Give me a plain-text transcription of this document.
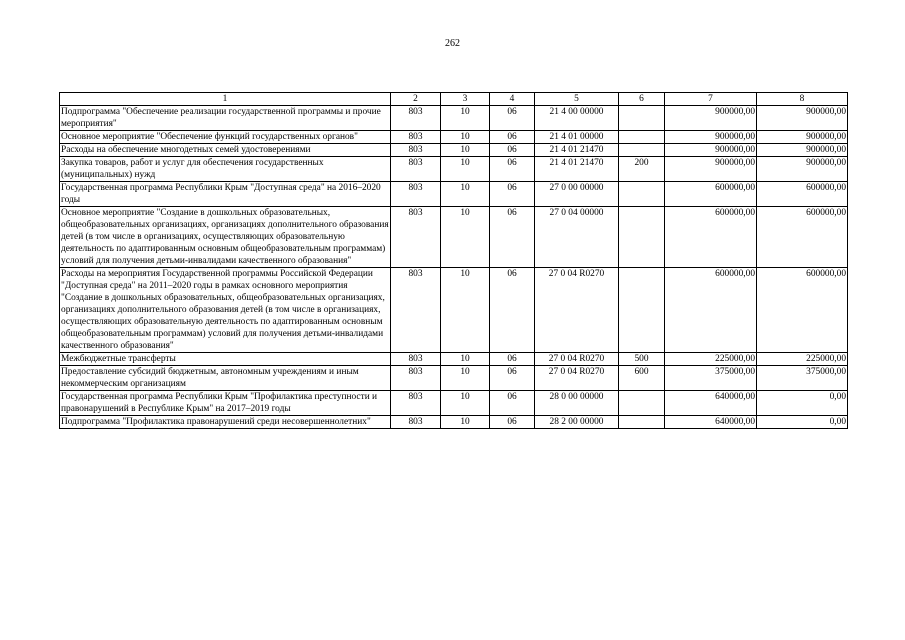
262
1	2	3	4	5	6	7	8
Подпрограмма "Обеспечение реализации государственной программы и прочие мероприятия"	803	10	06	21 4 00 00000		900000,00	900000,00
Основное мероприятие "Обеспечение функций государственных органов"	803	10	06	21 4 01 00000		900000,00	900000,00
Расходы на обеспечение многодетных семей удостоверениями	803	10	06	21 4 01 21470		900000,00	900000,00
Закупка товаров, работ и услуг для обеспечения государственных (муниципальных) нужд	803	10	06	21 4 01 21470	200	900000,00	900000,00
Государственная программа Республики Крым "Доступная среда" на 2016–2020 годы	803	10	06	27 0 00 00000		600000,00	600000,00
Основное мероприятие "Создание в дошкольных образовательных, общеобразовательных организациях, организациях дополнительного образования детей (в том числе в организациях, осуществляющих образовательную деятельность по адаптированным основным общеобразовательным программам) условий для получения детьми-инвалидами качественного образования"	803	10	06	27 0 04 00000		600000,00	600000,00
Расходы на мероприятия Государственной программы Российской Федерации "Доступная среда" на 2011–2020 годы в рамках основного мероприятия "Создание в дошкольных образовательных, общеобразовательных организациях, организациях дополнительного образования детей (в том числе в организациях, осуществляющих образовательную деятельность по адаптированным основным общеобразовательным программам) условий для получения детьми-инвалидами качественного образования"	803	10	06	27 0 04 R0270		600000,00	600000,00
Межбюджетные трансферты	803	10	06	27 0 04 R0270	500	225000,00	225000,00
Предоставление субсидий бюджетным, автономным учреждениям и иным некоммерческим организациям	803	10	06	27 0 04 R0270	600	375000,00	375000,00
Государственная программа Республики Крым "Профилактика преступности и правонарушений в Республике Крым" на 2017–2019 годы	803	10	06	28 0 00 00000		640000,00	0,00
Подпрограмма "Профилактика правонарушений среди несовершеннолетних"	803	10	06	28 2 00 00000		640000,00	0,00
